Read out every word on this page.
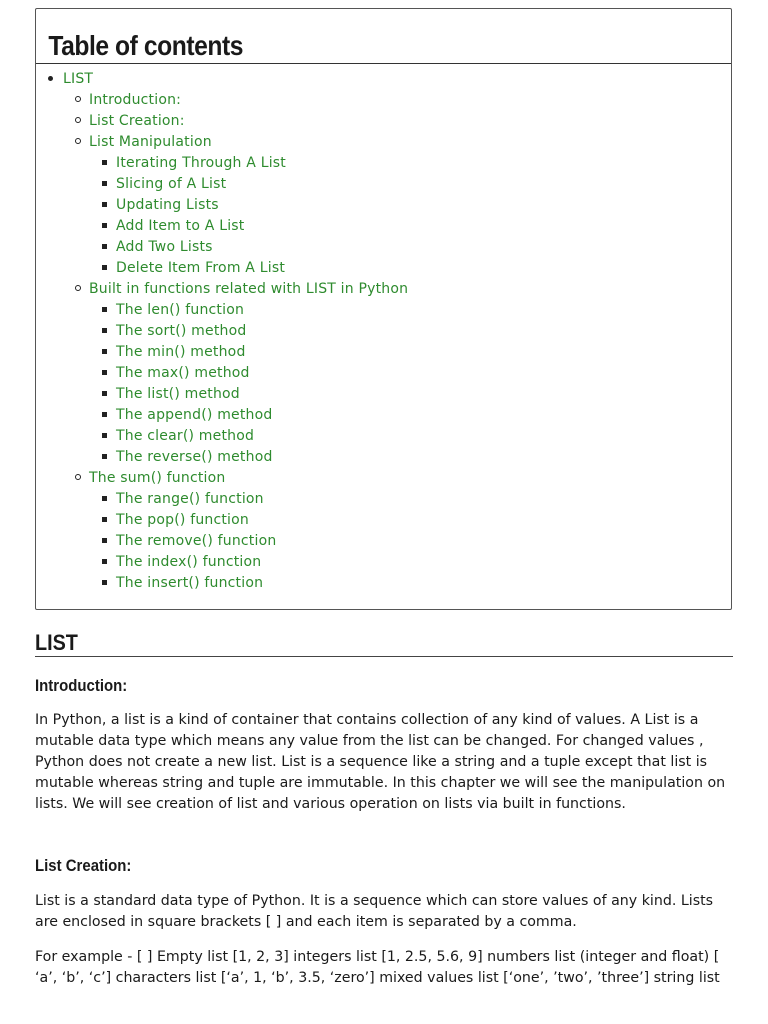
Table of contents
LIST
Introduction:
List Creation:
List Manipulation
Iterating Through A List
Slicing of A List
Updating Lists
Add Item to A List
Add Two Lists
Delete Item From A List
Built in functions related with LIST in Python
The len() function
The sort() method
The min() method
The max() method
The list() method
The append() method
The clear() method
The reverse() method
The sum() function
The range() function
The pop() function
The remove() function
The index() function
The insert() function
LIST
Introduction:

In Python, a list is a kind of container that contains collection of any kind of values. A List is a mutable data type which means any value from the list can be changed. For changed values , Python does not create a new list. List is a sequence like a string and a tuple except that list is mutable whereas string and tuple are immutable. In this chapter we will see the manipulation on lists. We will see creation of list and various operation on lists via built in functions.

List Creation:

List is a standard data type of Python. It is a sequence which can store values of any kind. Lists are enclosed in square brackets [ ] and each item is separated by a comma.

For example - [ ] Empty list [1, 2, 3] integers list [1, 2.5, 5.6, 9] numbers list (integer and float) [ ‘a’, ‘b’, ‘c’] characters list [‘a’, 1, ‘b’, 3.5, ‘zero’] mixed values list [‘one’, ’two’, ’three’] string list
